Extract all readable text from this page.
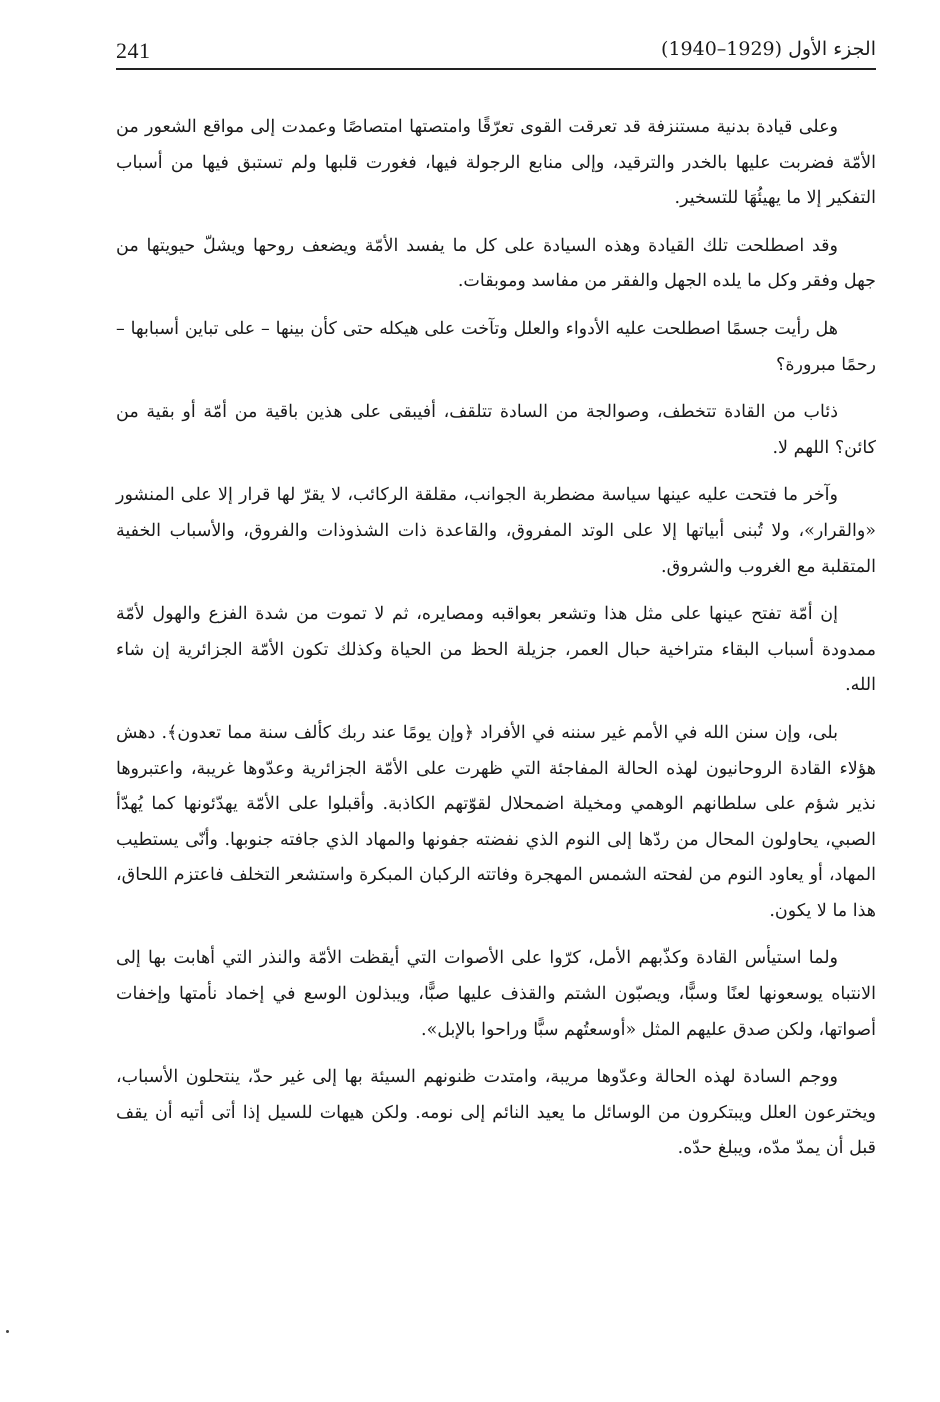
241	الجزء الأول (1929–1940)

وعلى قيادة بدنية مستنزفة قد تعرقت القوى تعرّقًا وامتصتها امتصاصًا وعمدت إلى مواقع الشعور من الأمّة فضربت عليها بالخدر والترقيد، وإلى منابع الرجولة فيها، فغورت قلبها ولم تستبق فيها من أسباب التفكير إلا ما يهيئُهَا للتسخير.

وقد اصطلحت تلك القيادة وهذه السيادة على كل ما يفسد الأمّة ويضعف روحها ويشلّ حيويتها من جهل وفقر وكل ما يلده الجهل والفقر من مفاسد وموبقات.

هل رأيت جسمًا اصطلحت عليه الأدواء والعلل وتآخت على هيكله حتى كأن بينها – على تباين أسبابها – رحمًا مبرورة؟

ذئاب من القادة تتخطف، وصوالجة من السادة تتلقف، أفيبقى على هذين باقية من أمّة أو بقية من كائن؟ اللهم لا.

وآخر ما فتحت عليه عينها سياسة مضطربة الجوانب، مقلقة الركائب، لا يقرّ لها قرار إلا على المنشور «والقرار»، ولا تُبنى أبياتها إلا على الوتد المفروق، والقاعدة ذات الشذوذات والفروق، والأسباب الخفية المتقلبة مع الغروب والشروق.

إن أمّة تفتح عينها على مثل هذا وتشعر بعواقبه ومصايره، ثم لا تموت من شدة الفزع والهول لأمّة ممدودة أسباب البقاء متراخية حبال العمر، جزيلة الحظ من الحياة وكذلك تكون الأمّة الجزائرية إن شاء الله.

بلى، وإن سنن الله في الأمم غير سننه في الأفراد ﴿وإن يومًا عند ربك كألف سنة مما تعدون﴾. دهش هؤلاء القادة الروحانيون لهذه الحالة المفاجئة التي ظهرت على الأمّة الجزائرية وعدّوها غريبة، واعتبروها نذير شؤم على سلطانهم الوهمي ومخيلة اضمحلال لقوّتهم الكاذبة. وأقبلوا على الأمّة يهدّئونها كما يُهدّأ الصبي، يحاولون المحال من ردّها إلى النوم الذي نفضته جفونها والمهاد الذي جافته جنوبها. وأنّى يستطيب المهاد، أو يعاود النوم من لفحته الشمس المهجرة وفاتته الركبان المبكرة واستشعر التخلف فاعتزم اللحاق، هذا ما لا يكون.

ولما استيأس القادة وكذّبهم الأمل، كرّوا على الأصوات التي أيقظت الأمّة والنذر التي أهابت بها إلى الانتباه يوسعونها لعنًا وسبًّا، ويصبّون الشتم والقذف عليها صبًّا، ويبذلون الوسع في إخماد نأمتها وإخفات أصواتها، ولكن صدق عليهم المثل «أوسعتُهم سبًّا وراحوا بالإبل».

ووجم السادة لهذه الحالة وعدّوها مريبة، وامتدت ظنونهم السيئة بها إلى غير حدّ، ينتحلون الأسباب، ويخترعون العلل ويبتكرون من الوسائل ما يعيد النائم إلى نومه. ولكن هيهات للسيل إذا أتى أتيه أن يقف قبل أن يمدّ مدّه، ويبلغ حدّه.
